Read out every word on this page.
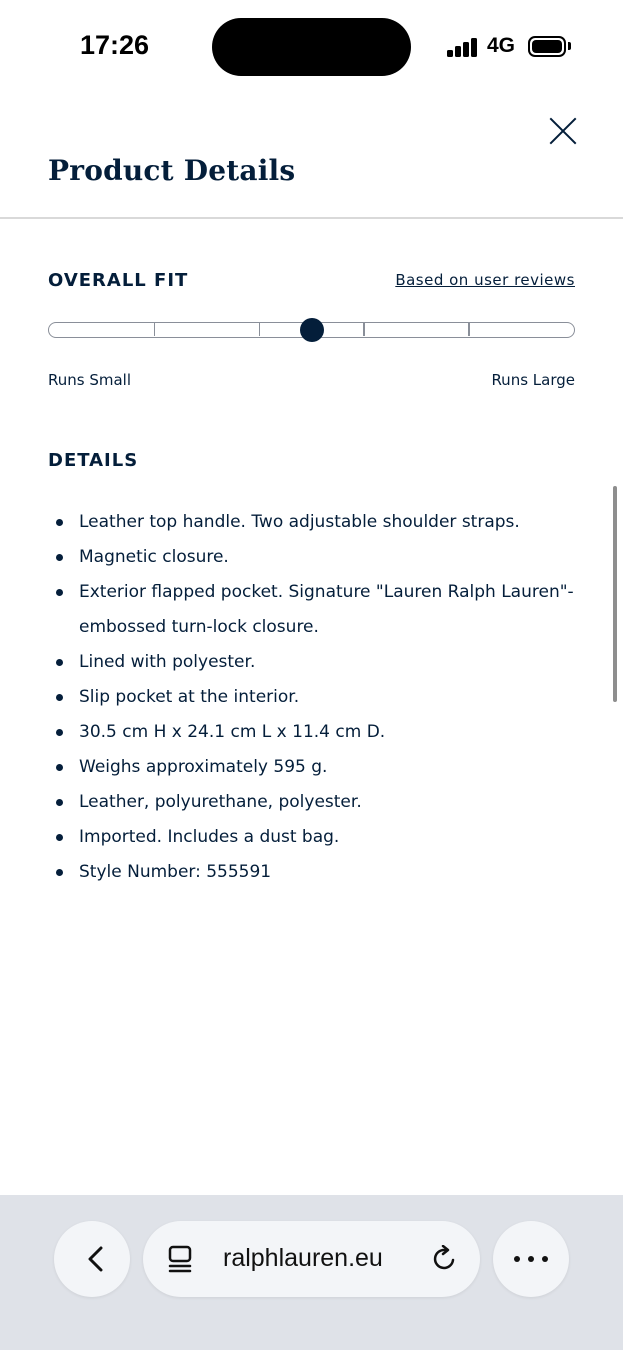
17:26	4G
Product Details
OVERALL FIT	Based on user reviews
Runs Small	Runs Large
DETAILS
Leather top handle. Two adjustable shoulder straps.
Magnetic closure.
Exterior flapped pocket. Signature "Lauren Ralph Lauren"-embossed turn-lock closure.
Lined with polyester.
Slip pocket at the interior.
30.5 cm H x 24.1 cm L x 11.4 cm D.
Weighs approximately 595 g.
Leather, polyurethane, polyester.
Imported. Includes a dust bag.
Style Number: 555591
ralphlauren.eu
